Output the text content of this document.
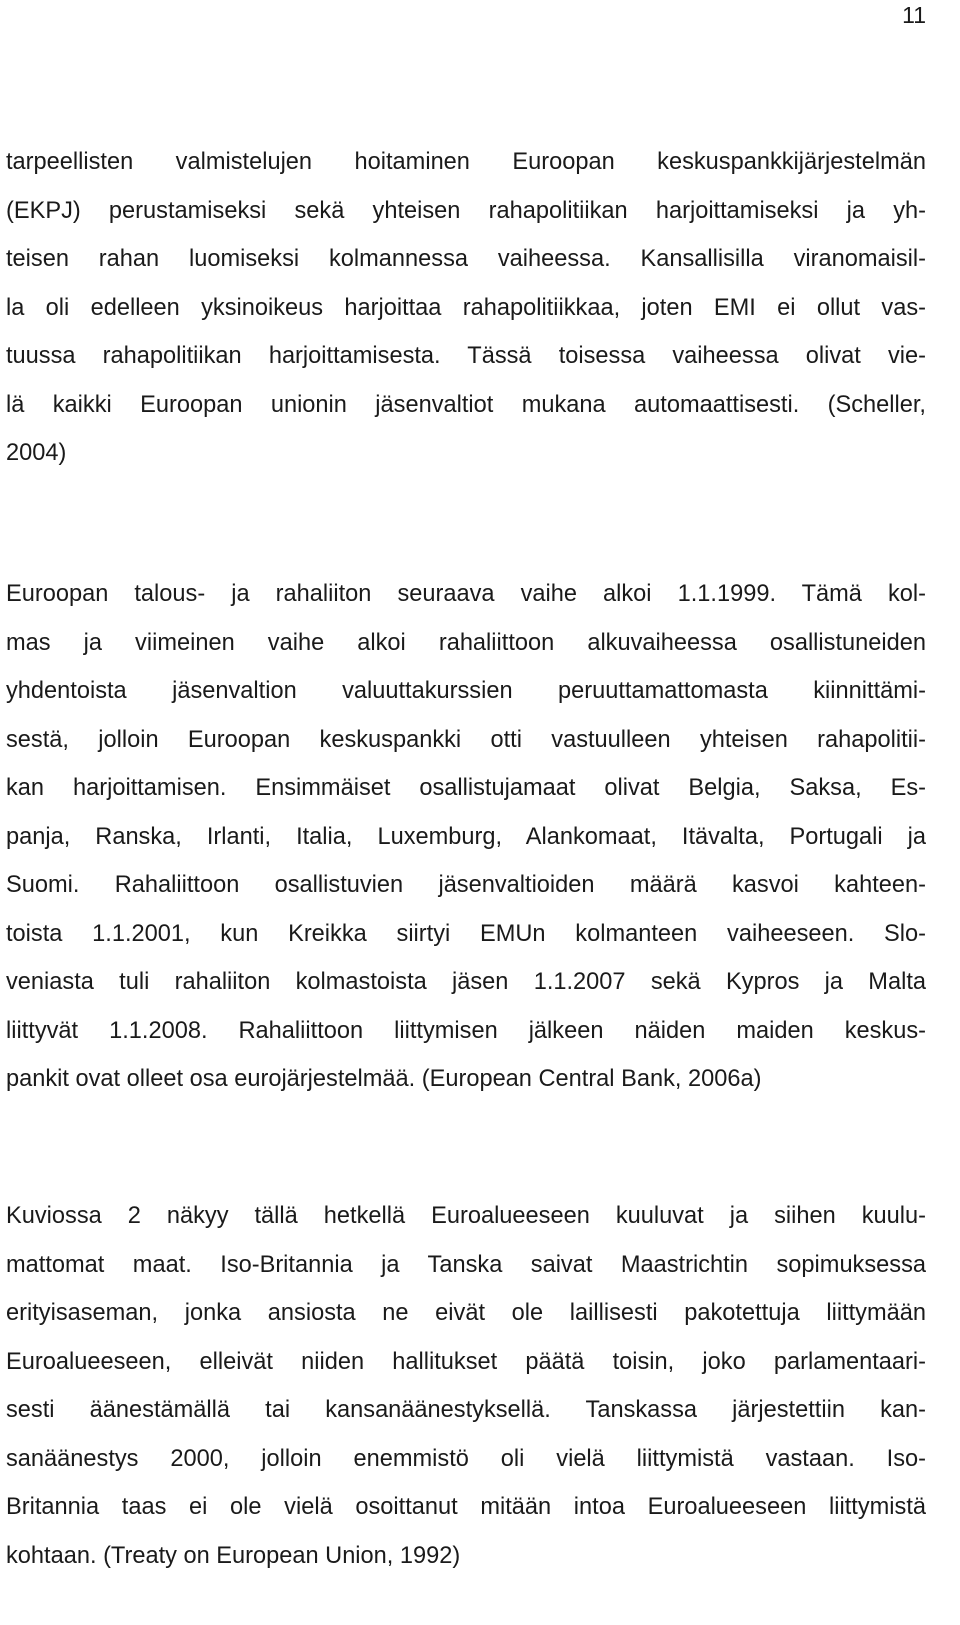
11
tarpeellisten valmistelujen hoitaminen Euroopan keskuspankkijärjestelmän
(EKPJ) perustamiseksi sekä yhteisen rahapolitiikan harjoittamiseksi ja yh-
teisen rahan luomiseksi kolmannessa vaiheessa. Kansallisilla viranomaisil-
la oli edelleen yksinoikeus harjoittaa rahapolitiikkaa, joten EMI ei ollut vas-
tuussa rahapolitiikan harjoittamisesta. Tässä toisessa vaiheessa olivat vie-
lä kaikki Euroopan unionin jäsenvaltiot mukana automaattisesti. (Scheller,
2004)
Euroopan talous- ja rahaliiton seuraava vaihe alkoi 1.1.1999. Tämä kol-
mas ja viimeinen vaihe alkoi rahaliittoon alkuvaiheessa osallistuneiden
yhdentoista jäsenvaltion valuuttakurssien peruuttamattomasta kiinnittämi-
sestä, jolloin Euroopan keskuspankki otti vastuulleen yhteisen rahapolitii-
kan harjoittamisen. Ensimmäiset osallistujamaat olivat Belgia, Saksa, Es-
panja, Ranska, Irlanti, Italia, Luxemburg, Alankomaat, Itävalta, Portugali ja
Suomi. Rahaliittoon osallistuvien jäsenvaltioiden määrä kasvoi kahteen-
toista 1.1.2001, kun Kreikka siirtyi EMUn kolmanteen vaiheeseen. Slo-
veniasta tuli rahaliiton kolmastoista jäsen 1.1.2007 sekä Kypros ja Malta
liittyvät 1.1.2008. Rahaliittoon liittymisen jälkeen näiden maiden keskus-
pankit ovat olleet osa eurojärjestelmää. (European Central Bank, 2006a)
Kuviossa 2 näkyy tällä hetkellä Euroalueeseen kuuluvat ja siihen kuulu-
mattomat maat. Iso-Britannia ja Tanska saivat Maastrichtin sopimuksessa
erityisaseman, jonka ansiosta ne eivät ole laillisesti pakotettuja liittymään
Euroalueeseen, elleivät niiden hallitukset päätä toisin, joko parlamentaari-
sesti äänestämällä tai kansanäänestyksellä. Tanskassa järjestettiin kan-
sanäänestys 2000, jolloin enemmistö oli vielä liittymistä vastaan. Iso-
Britannia taas ei ole vielä osoittanut mitään intoa Euroalueeseen liittymistä
kohtaan. (Treaty on European Union, 1992)
